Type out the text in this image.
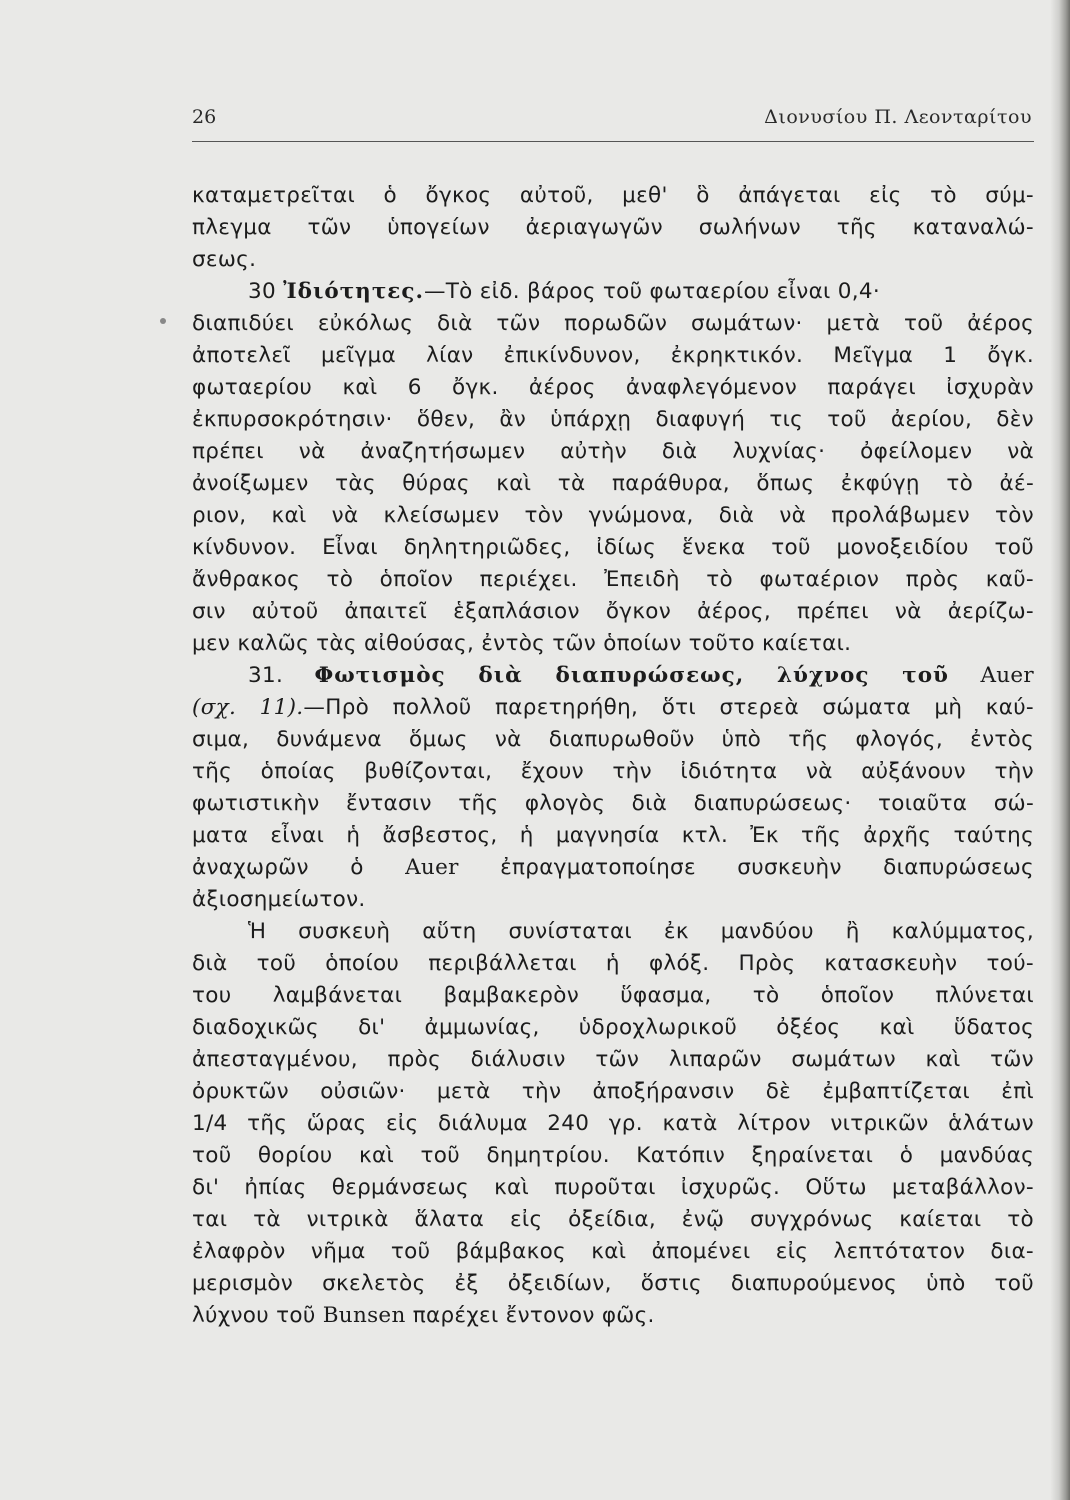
26	Διονυσίου Π. Λεονταρίτου
καταμετρεῖται ὁ ὄγκος αὐτοῦ, μεθ' ὃ ἀπάγεται εἰς τὸ σύμ-
πλεγμα τῶν ὑπογείων ἀεριαγωγῶν σωλήνων τῆς καταναλώ-
σεως.
30 Ἰδιότητες.—Τὸ εἰδ. βάρος τοῦ φωταερίου εἶναι 0,4·
διαπιδύει εὐκόλως διὰ τῶν πορωδῶν σωμάτων· μετὰ τοῦ ἀέρος
ἀποτελεῖ μεῖγμα λίαν ἐπικίνδυνον, ἐκρηκτικόν. Μεῖγμα 1 ὄγκ.
φωταερίου καὶ 6 ὄγκ. ἀέρος ἀναφλεγόμενον παράγει ἰσχυρὰν
ἐκπυρσοκρότησιν· ὅθεν, ἂν ὑπάρχῃ διαφυγή τις τοῦ ἀερίου, δὲν
πρέπει νὰ ἀναζητήσωμεν αὐτὴν διὰ λυχνίας· ὀφείλομεν νὰ
ἀνοίξωμεν τὰς θύρας καὶ τὰ παράθυρα, ὅπως ἐκφύγῃ τὸ ἀέ-
ριον, καὶ νὰ κλείσωμεν τὸν γνώμονα, διὰ νὰ προλάβωμεν τὸν
κίνδυνον. Εἶναι δηλητηριῶδες, ἰδίως ἕνεκα τοῦ μονοξειδίου τοῦ
ἄνθρακος τὸ ὁποῖον περιέχει. Ἐπειδὴ τὸ φωταέριον πρὸς καῦ-
σιν αὐτοῦ ἀπαιτεῖ ἑξαπλάσιον ὄγκον ἀέρος, πρέπει νὰ ἀερίζω-
μεν καλῶς τὰς αἰθούσας, ἐντὸς τῶν ὁποίων τοῦτο καίεται.
31. Φωτισμὸς διὰ διαπυρώσεως, λύχνος τοῦ Auer
(σχ. 11).—Πρὸ πολλοῦ παρετηρήθη, ὅτι στερεὰ σώματα μὴ καύ-
σιμα, δυνάμενα ὅμως νὰ διαπυρωθοῦν ὑπὸ τῆς φλογός, ἐντὸς
τῆς ὁποίας βυθίζονται, ἔχουν τὴν ἰδιότητα νὰ αὐξάνουν τὴν
φωτιστικὴν ἔντασιν τῆς φλογὸς διὰ διαπυρώσεως· τοιαῦτα σώ-
ματα εἶναι ἡ ἄσβεστος, ἡ μαγνησία κτλ. Ἐκ τῆς ἀρχῆς ταύτης
ἀναχωρῶν ὁ Auer ἐπραγματοποίησε συσκευὴν διαπυρώσεως
ἀξιοσημείωτον.
Ἡ συσκευὴ αὕτη συνίσταται ἐκ μανδύου ἢ καλύμματος,
διὰ τοῦ ὁποίου περιβάλλεται ἡ φλόξ. Πρὸς κατασκευὴν τού-
του λαμβάνεται βαμβακερὸν ὕφασμα, τὸ ὁποῖον πλύνεται
διαδοχικῶς δι' ἀμμωνίας, ὑδροχλωρικοῦ ὀξέος καὶ ὕδατος
ἀπεσταγμένου, πρὸς διάλυσιν τῶν λιπαρῶν σωμάτων καὶ τῶν
ὀρυκτῶν οὐσιῶν· μετὰ τὴν ἀποξήρανσιν δὲ ἐμβαπτίζεται ἐπὶ
1/4 τῆς ὥρας εἰς διάλυμα 240 γρ. κατὰ λίτρον νιτρικῶν ἁλάτων
τοῦ θορίου καὶ τοῦ δημητρίου. Κατόπιν ξηραίνεται ὁ μανδύας
δι' ἠπίας θερμάνσεως καὶ πυροῦται ἰσχυρῶς. Οὕτω μεταβάλλον-
ται τὰ νιτρικὰ ἅλατα εἰς ὀξείδια, ἐνῷ συγχρόνως καίεται τὸ
ἐλαφρὸν νῆμα τοῦ βάμβακος καὶ ἀπομένει εἰς λεπτότατον δια-
μερισμὸν σκελετὸς ἐξ ὀξειδίων, ὅστις διαπυρούμενος ὑπὸ τοῦ
λύχνου τοῦ Bunsen παρέχει ἔντονον φῶς.
